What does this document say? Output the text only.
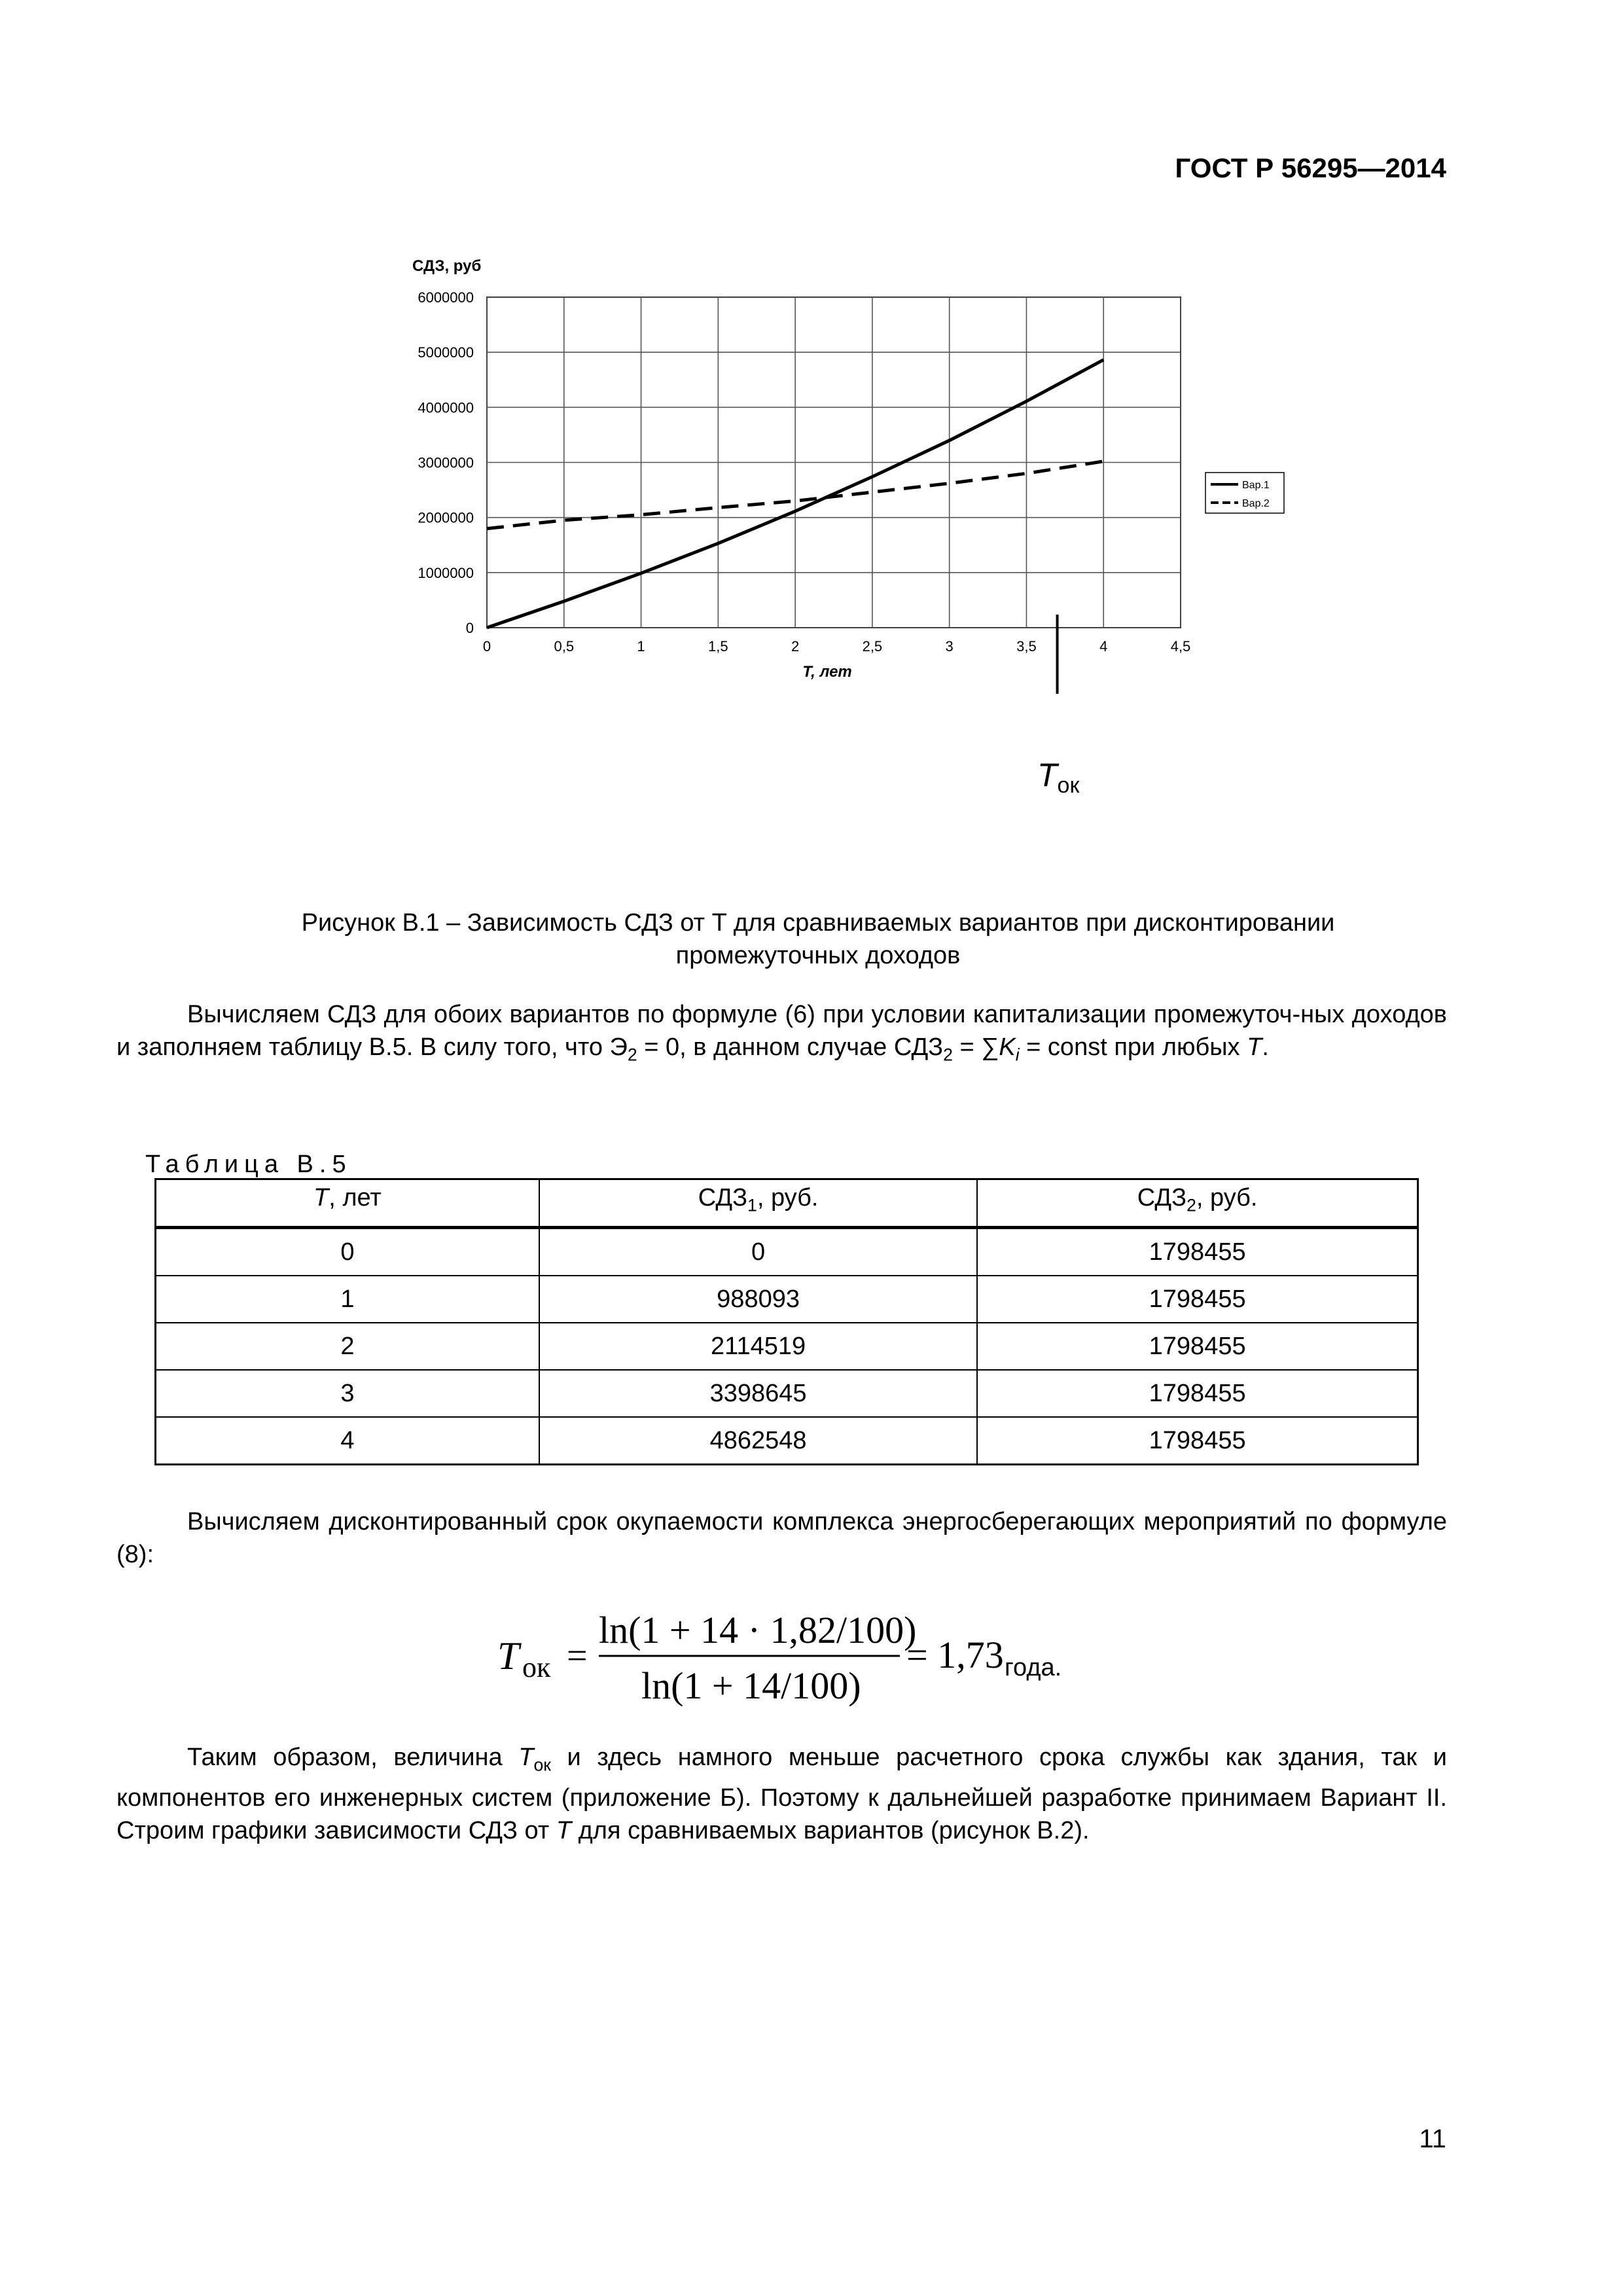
ГОСТ Р 56295—2014
0	0,5	1	1,5	2	2,5	3	3,5	4	4,5
0
1000000
2000000
3000000
4000000
5000000
6000000
СДЗ, руб
T, лет
Вар.1
Вар.2
$T_{ок}$
Рисунок В.1 – Зависимость СДЗ от T для сравниваемых вариантов при дисконтировании
промежуточных доходов
Вычисляем СДЗ для обоих вариантов по формуле (6) при условии капитализации промежуточ-ных доходов и заполняем таблицу В.5. В силу того, что $Э_2 = 0$, в данном случае $СДЗ_2 = \sum K_i$ = const при любых T.
Таблица В.5
T, лет	$СДЗ_1$, руб.	$СДЗ_2$, руб.
0	0	1798455
1	988093	1798455
2	2114519	1798455
3	3398645	1798455
4	4862548	1798455
Вычисляем дисконтированный срок окупаемости комплекса энергосберегающих мероприятий по формуле (8):
T ок =
ln(1 + 14 · 1,82/100)
ln(1 + 14/100)
= 1,73 года.
Таким образом, величина $T_{ок}$ и здесь намного меньше расчетного срока службы как здания, так и компонентов его инженерных систем (приложение Б). Поэтому к дальнейшей разработке принимаем Вариант II. Строим графики зависимости СДЗ от T для сравниваемых вариантов (рисунок В.2).
11
